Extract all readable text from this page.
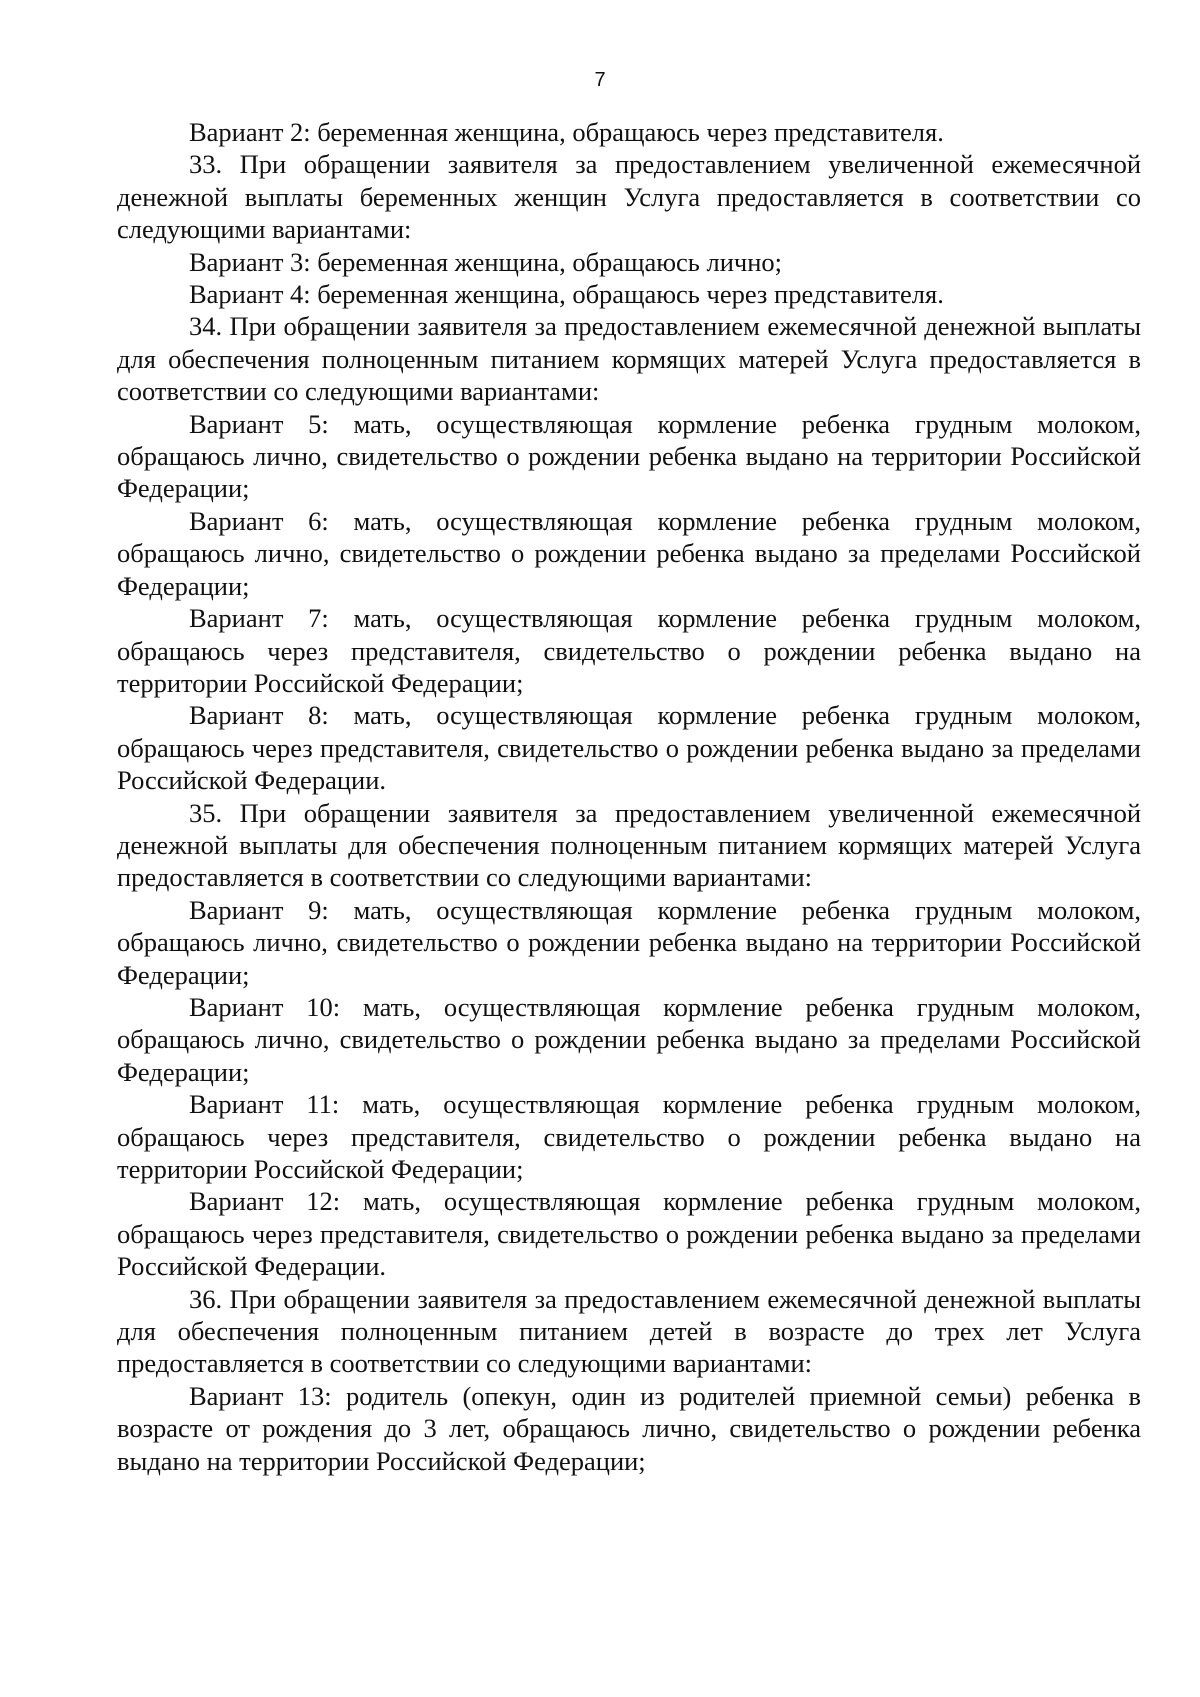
7

Вариант 2: беременная женщина, обращаюсь через представителя.

33. При обращении заявителя за предоставлением увеличенной ежемесячной денежной выплаты беременных женщин Услуга предоставляется в соответствии со следующими вариантами:

Вариант 3: беременная женщина, обращаюсь лично;

Вариант 4: беременная женщина, обращаюсь через представителя.

34. При обращении заявителя за предоставлением ежемесячной денежной выплаты для обеспечения полноценным питанием кормящих матерей Услуга предоставляется в соответствии со следующими вариантами:

Вариант 5: мать, осуществляющая кормление ребенка грудным молоком, обращаюсь лично, свидетельство о рождении ребенка выдано на территории Российской Федерации;

Вариант 6: мать, осуществляющая кормление ребенка грудным молоком, обращаюсь лично, свидетельство о рождении ребенка выдано за пределами Российской Федерации;

Вариант 7: мать, осуществляющая кормление ребенка грудным молоком, обращаюсь через представителя, свидетельство о рождении ребенка выдано на территории Российской Федерации;

Вариант 8: мать, осуществляющая кормление ребенка грудным молоком, обращаюсь через представителя, свидетельство о рождении ребенка выдано за пределами Российской Федерации.

35. При обращении заявителя за предоставлением увеличенной ежемесячной денежной выплаты для обеспечения полноценным питанием кормящих матерей Услуга предоставляется в соответствии со следующими вариантами:

Вариант 9: мать, осуществляющая кормление ребенка грудным молоком, обращаюсь лично, свидетельство о рождении ребенка выдано на территории Российской Федерации;

Вариант 10: мать, осуществляющая кормление ребенка грудным молоком, обращаюсь лично, свидетельство о рождении ребенка выдано за пределами Российской Федерации;

Вариант 11: мать, осуществляющая кормление ребенка грудным молоком, обращаюсь через представителя, свидетельство о рождении ребенка выдано на территории Российской Федерации;

Вариант 12: мать, осуществляющая кормление ребенка грудным молоком, обращаюсь через представителя, свидетельство о рождении ребенка выдано за пределами Российской Федерации.

36. При обращении заявителя за предоставлением ежемесячной денежной выплаты для обеспечения полноценным питанием детей в возрасте до трех лет Услуга предоставляется в соответствии со следующими вариантами:

Вариант 13: родитель (опекун, один из родителей приемной семьи) ребенка в возрасте от рождения до 3 лет, обращаюсь лично, свидетельство о рождении ребенка выдано на территории Российской Федерации;
